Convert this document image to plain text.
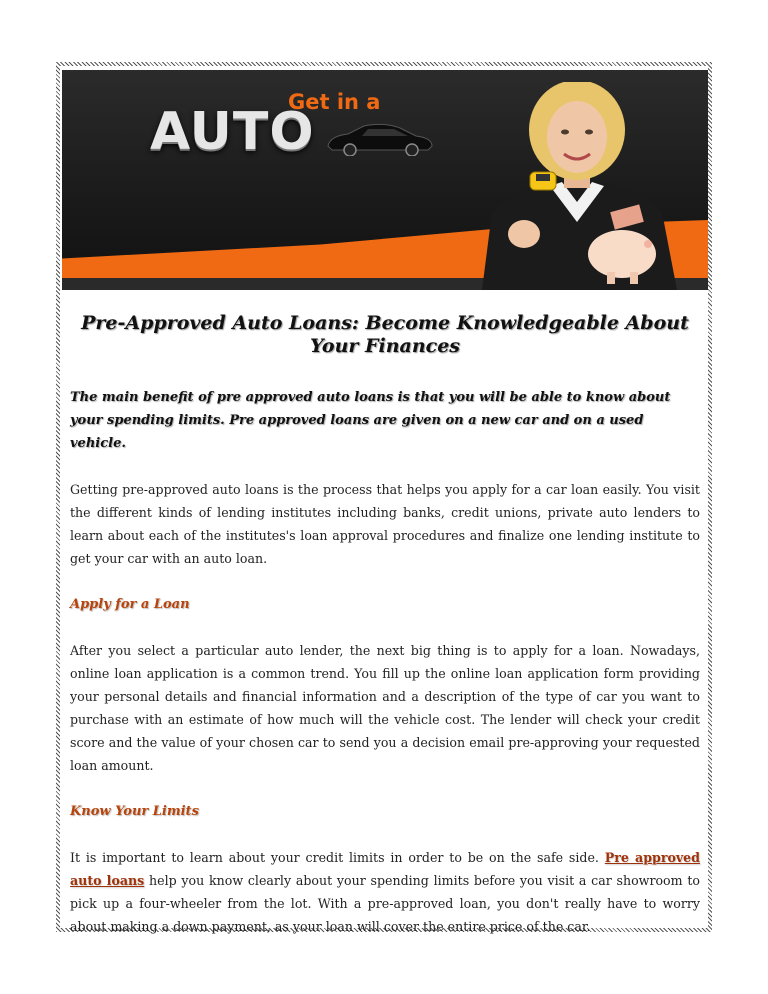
Get in a
AUTO
Pre-Approved Auto Loans: Become Knowledgeable About Your Finances

The main benefit of pre approved auto loans is that you will be able to know about your spending limits. Pre approved loans are given on a new car and on a used vehicle.

Getting pre-approved auto loans is the process that helps you apply for a car loan easily. You visit the different kinds of lending institutes including banks, credit unions, private auto lenders to learn about each of the institutes's loan approval procedures and finalize one lending institute to get your car with an auto loan.

Apply for a Loan

After you select a particular auto lender, the next big thing is to apply for a loan. Nowadays, online loan application is a common trend. You fill up the online loan application form providing your personal details and financial information and a description of the type of car you want to purchase with an estimate of how much will the vehicle cost. The lender will check your credit score and the value of your chosen car to send you a decision email pre-approving your requested loan amount.

Know Your Limits

It is important to learn about your credit limits in order to be on the safe side. Pre approved auto loans help you know clearly about your spending limits before you visit a car showroom to pick up a four-wheeler from the lot. With a pre-approved loan, you don't really have to worry about making a down payment, as your loan will cover the entire price of the car.
